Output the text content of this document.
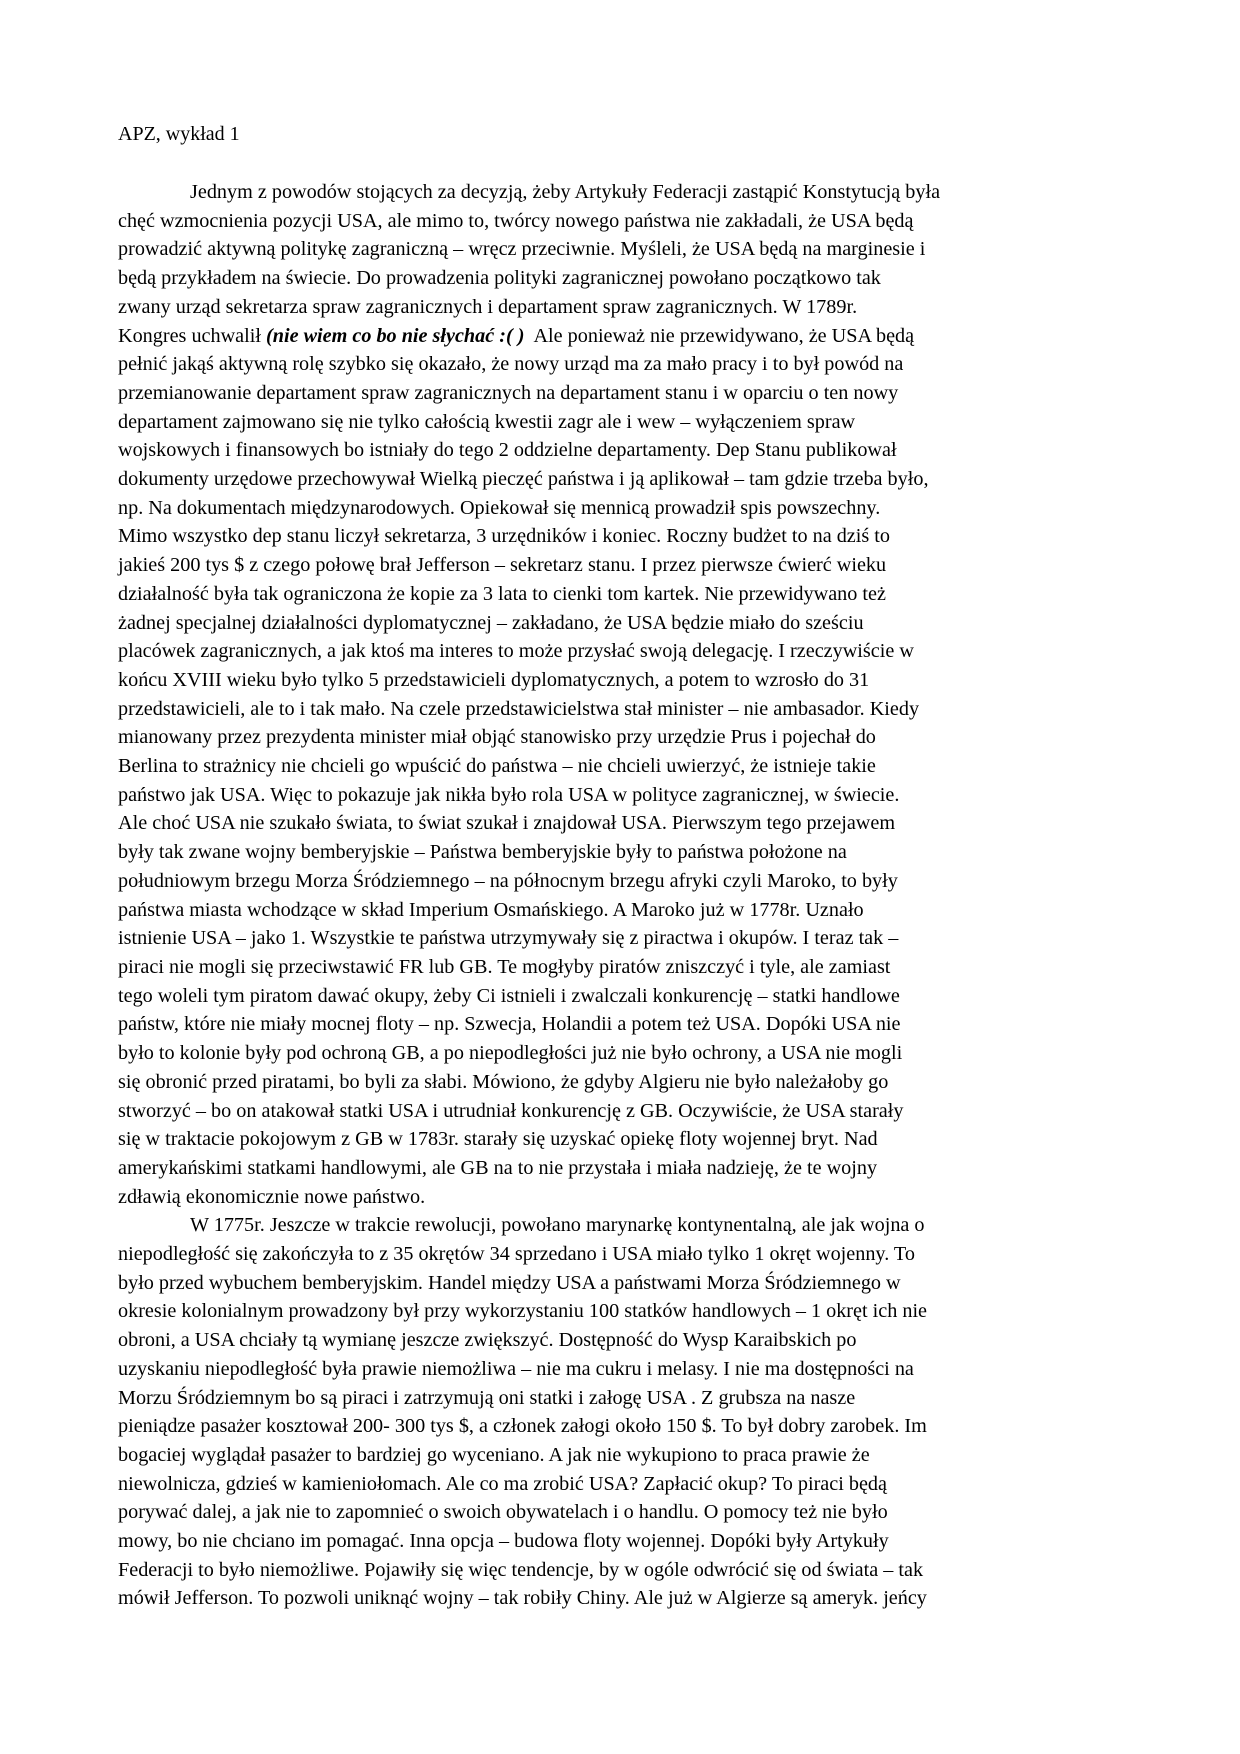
APZ, wykład 1

Jednym z powodów stojących za decyzją, żeby Artykuły Federacji zastąpić Konstytucją była
chęć wzmocnienia pozycji USA, ale mimo to, twórcy nowego państwa nie zakładali, że USA będą
prowadzić aktywną politykę zagraniczną – wręcz przeciwnie. Myśleli, że USA będą na marginesie i
będą przykładem na świecie. Do prowadzenia polityki zagranicznej powołano początkowo tak
zwany urząd sekretarza spraw zagranicznych i departament spraw zagranicznych. W 1789r.
Kongres uchwalił (nie wiem co bo nie słychać :( )  Ale ponieważ nie przewidywano, że USA będą
pełnić jakąś aktywną rolę szybko się okazało, że nowy urząd ma za mało pracy i to był powód na
przemianowanie departament spraw zagranicznych na departament stanu i w oparciu o ten nowy
departament zajmowano się nie tylko całością kwestii zagr ale i wew – wyłączeniem spraw
wojskowych i finansowych bo istniały do tego 2 oddzielne departamenty. Dep Stanu publikował
dokumenty urzędowe przechowywał Wielką pieczęć państwa i ją aplikował – tam gdzie trzeba było,
np. Na dokumentach międzynarodowych. Opiekował się mennicą prowadził spis powszechny.
Mimo wszystko dep stanu liczył sekretarza, 3 urzędników i koniec. Roczny budżet to na dziś to
jakieś 200 tys $ z czego połowę brał Jefferson – sekretarz stanu. I przez pierwsze ćwierć wieku
działalność była tak ograniczona że kopie za 3 lata to cienki tom kartek. Nie przewidywano też
żadnej specjalnej działalności dyplomatycznej – zakładano, że USA będzie miało do sześciu
placówek zagranicznych, a jak ktoś ma interes to może przysłać swoją delegację. I rzeczywiście w
końcu XVIII wieku było tylko 5 przedstawicieli dyplomatycznych, a potem to wzrosło do 31
przedstawicieli, ale to i tak mało. Na czele przedstawicielstwa stał minister – nie ambasador. Kiedy
mianowany przez prezydenta minister miał objąć stanowisko przy urzędzie Prus i pojechał do
Berlina to strażnicy nie chcieli go wpuścić do państwa – nie chcieli uwierzyć, że istnieje takie
państwo jak USA. Więc to pokazuje jak nikła było rola USA w polityce zagranicznej, w świecie.
Ale choć USA nie szukało świata, to świat szukał i znajdował USA. Pierwszym tego przejawem
były tak zwane wojny bemberyjskie – Państwa bemberyjskie były to państwa położone na
południowym brzegu Morza Śródziemnego – na północnym brzegu afryki czyli Maroko, to były
państwa miasta wchodzące w skład Imperium Osmańskiego. A Maroko już w 1778r. Uznało
istnienie USA – jako 1. Wszystkie te państwa utrzymywały się z piractwa i okupów. I teraz tak –
piraci nie mogli się przeciwstawić FR lub GB. Te mogłyby piratów zniszczyć i tyle, ale zamiast
tego woleli tym piratom dawać okupy, żeby Ci istnieli i zwalczali konkurencję – statki handlowe
państw, które nie miały mocnej floty – np. Szwecja, Holandii a potem też USA. Dopóki USA nie
było to kolonie były pod ochroną GB, a po niepodległości już nie było ochrony, a USA nie mogli
się obronić przed piratami, bo byli za słabi. Mówiono, że gdyby Algieru nie było należałoby go
stworzyć – bo on atakował statki USA i utrudniał konkurencję z GB. Oczywiście, że USA starały
się w traktacie pokojowym z GB w 1783r. starały się uzyskać opiekę floty wojennej bryt. Nad
amerykańskimi statkami handlowymi, ale GB na to nie przystała i miała nadzieję, że te wojny
zdławią ekonomicznie nowe państwo.

W 1775r. Jeszcze w trakcie rewolucji, powołano marynarkę kontynentalną, ale jak wojna o
niepodległość się zakończyła to z 35 okrętów 34 sprzedano i USA miało tylko 1 okręt wojenny. To
było przed wybuchem bemberyjskim. Handel między USA a państwami Morza Śródziemnego w
okresie kolonialnym prowadzony był przy wykorzystaniu 100 statków handlowych – 1 okręt ich nie
obroni, a USA chciały tą wymianę jeszcze zwiększyć. Dostępność do Wysp Karaibskich po
uzyskaniu niepodległość była prawie niemożliwa – nie ma cukru i melasy. I nie ma dostępności na
Morzu Śródziemnym bo są piraci i zatrzymują oni statki i załogę USA . Z grubsza na nasze
pieniądze pasażer kosztował 200- 300 tys $, a członek załogi około 150 $. To był dobry zarobek. Im
bogaciej wyglądał pasażer to bardziej go wyceniano. A jak nie wykupiono to praca prawie że
niewolnicza, gdzieś w kamieniołomach. Ale co ma zrobić USA? Zapłacić okup? To piraci będą
porywać dalej, a jak nie to zapomnieć o swoich obywatelach i o handlu. O pomocy też nie było
mowy, bo nie chciano im pomagać. Inna opcja – budowa floty wojennej. Dopóki były Artykuły
Federacji to było niemożliwe. Pojawiły się więc tendencje, by w ogóle odwrócić się od świata – tak
mówił Jefferson. To pozwoli uniknąć wojny – tak robiły Chiny. Ale już w Algierze są ameryk. jeńcy
